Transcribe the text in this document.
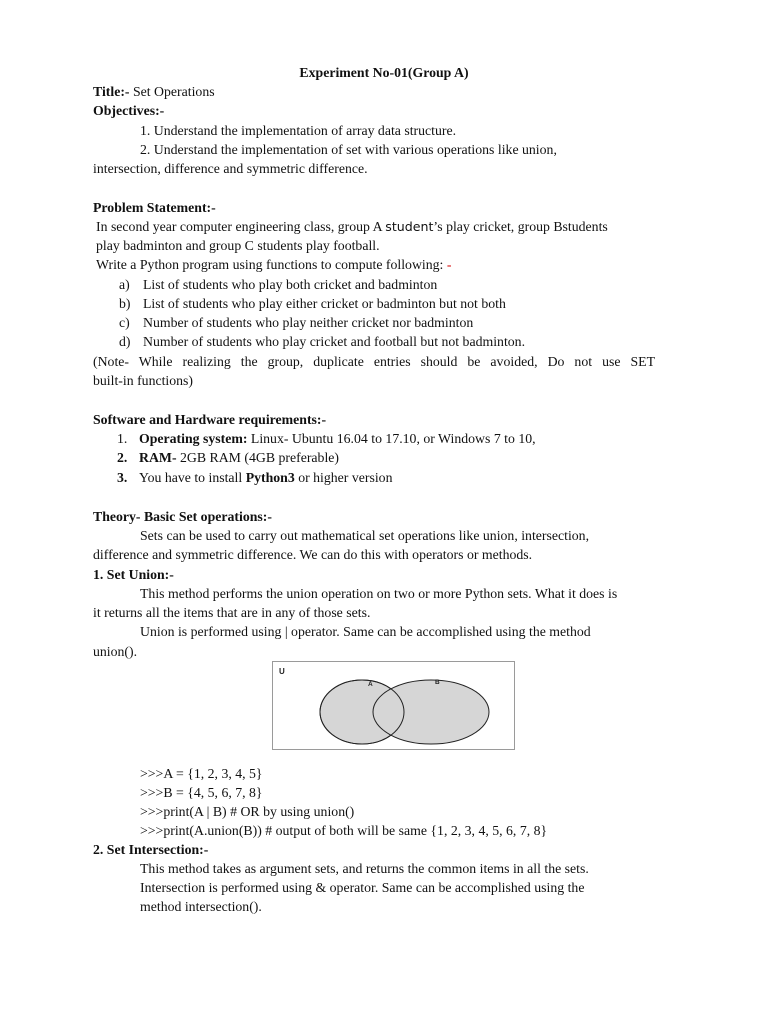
Experiment No-01(Group A)
Title:- Set Operations
Objectives:-
1. Understand the implementation of array data structure.
2. Understand the implementation of set with various operations like union,
intersection, difference and symmetric difference.
Problem Statement:-
In second year computer engineering class, group A student’s play cricket, group Bstudents
play badminton and group C students play football.
Write a Python program using functions to compute following: -
a) List of students who play both cricket and badminton
b) List of students who play either cricket or badminton but not both
c) Number of students who play neither cricket nor badminton
d) Number of students who play cricket and football but not badminton.
(Note- While realizing the group, duplicate entries should be avoided, Do not use SET
built-in functions)
Software and Hardware requirements:-
1. Operating system: Linux- Ubuntu 16.04 to 17.10, or Windows 7 to 10,
2. RAM- 2GB RAM (4GB preferable)
3. You have to install Python3 or higher version
Theory- Basic Set operations:-
Sets can be used to carry out mathematical set operations like union, intersection,
difference and symmetric difference. We can do this with operators or methods.
1. Set Union:-
This method performs the union operation on two or more Python sets. What it does is
it returns all the items that are in any of those sets.
Union is performed using | operator. Same can be accomplished using the method
union().
U
A	B
>>>A = {1, 2, 3, 4, 5}
>>>B = {4, 5, 6, 7, 8}
>>>print(A | B) # OR by using union()
>>>print(A.union(B)) # output of both will be same {1, 2, 3, 4, 5, 6, 7, 8}
2. Set Intersection:-
This method takes as argument sets, and returns the common items in all the sets.
Intersection is performed using & operator. Same can be accomplished using the
method intersection().
